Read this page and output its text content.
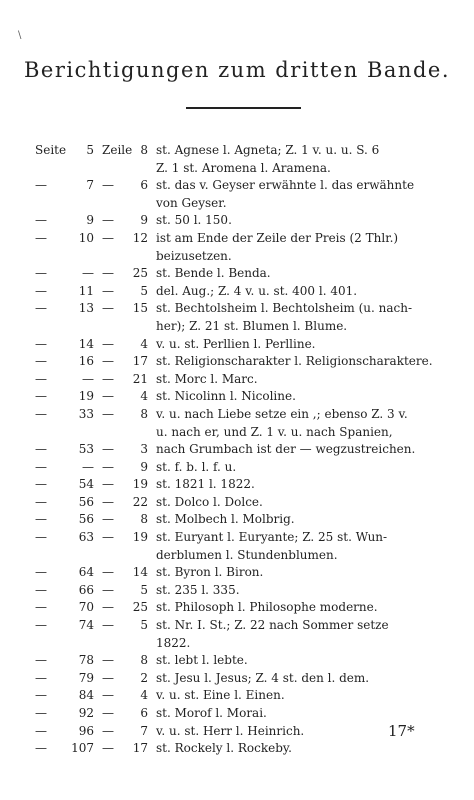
\
Berichtigungen zum dritten Bande.
Seite	5 Zeile 8 st. Agnese l. Agneta; Z. 1 v. u. u. S. 6
Z. 1 st. Aromena l. Aramena.
—	7 —	6 st. das v. Geyser erwähnte l. das erwähnte
von Geyser.
—	9 —	9 st. 50 l. 150.
—	10 —	12 ist am Ende der Zeile der Preis (2 Thlr.)
beizusetzen.
—	— —	25 st. Bende l. Benda.
—	11 —	5 del. Aug.; Z. 4 v. u. st. 400 l. 401.
—	13 —	15 st. Bechtolsheim l. Bechtolsheim (u. nach-
her); Z. 21 st. Blumen l. Blume.
—	14 —	4 v. u. st. Perllien l. Perlline.
—	16 —	17 st. Religionscharakter l. Religionscharaktere.
—	— —	21 st. Morc l. Marc.
—	19 —	4 st. Nicolinn l. Nicoline.
—	33 —	8 v. u. nach Liebe setze ein ,; ebenso Z. 3 v.
u. nach er, und Z. 1 v. u. nach Spanien,
—	53 —	3 nach Grumbach ist der — wegzustreichen.
—	— —	9 st. f. b. l. f. u.
—	54 —	19 st. 1821 l. 1822.
—	56 —	22 st. Dolco l. Dolce.
—	56 —	8 st. Molbech l. Molbrig.
—	63 —	19 st. Euryant l. Euryante; Z. 25 st. Wun-
derblumen l. Stundenblumen.
—	64 —	14 st. Byron l. Biron.
—	66 —	5 st. 235 l. 335.
—	70 —	25 st. Philosoph l. Philosophe moderne.
—	74 —	5 st. Nr. I. St.; Z. 22 nach Sommer setze
1822.
—	78 —	8 st. lebt l. lebte.
—	79 —	2 st. Jesu l. Jesus; Z. 4 st. den l. dem.
—	84 —	4 v. u. st. Eine l. Einen.
—	92 —	6 st. Morof l. Morai.
—	96 —	7 v. u. st. Herr l. Heinrich.
—	107 —	17 st. Rockely l. Rockeby.
17*
